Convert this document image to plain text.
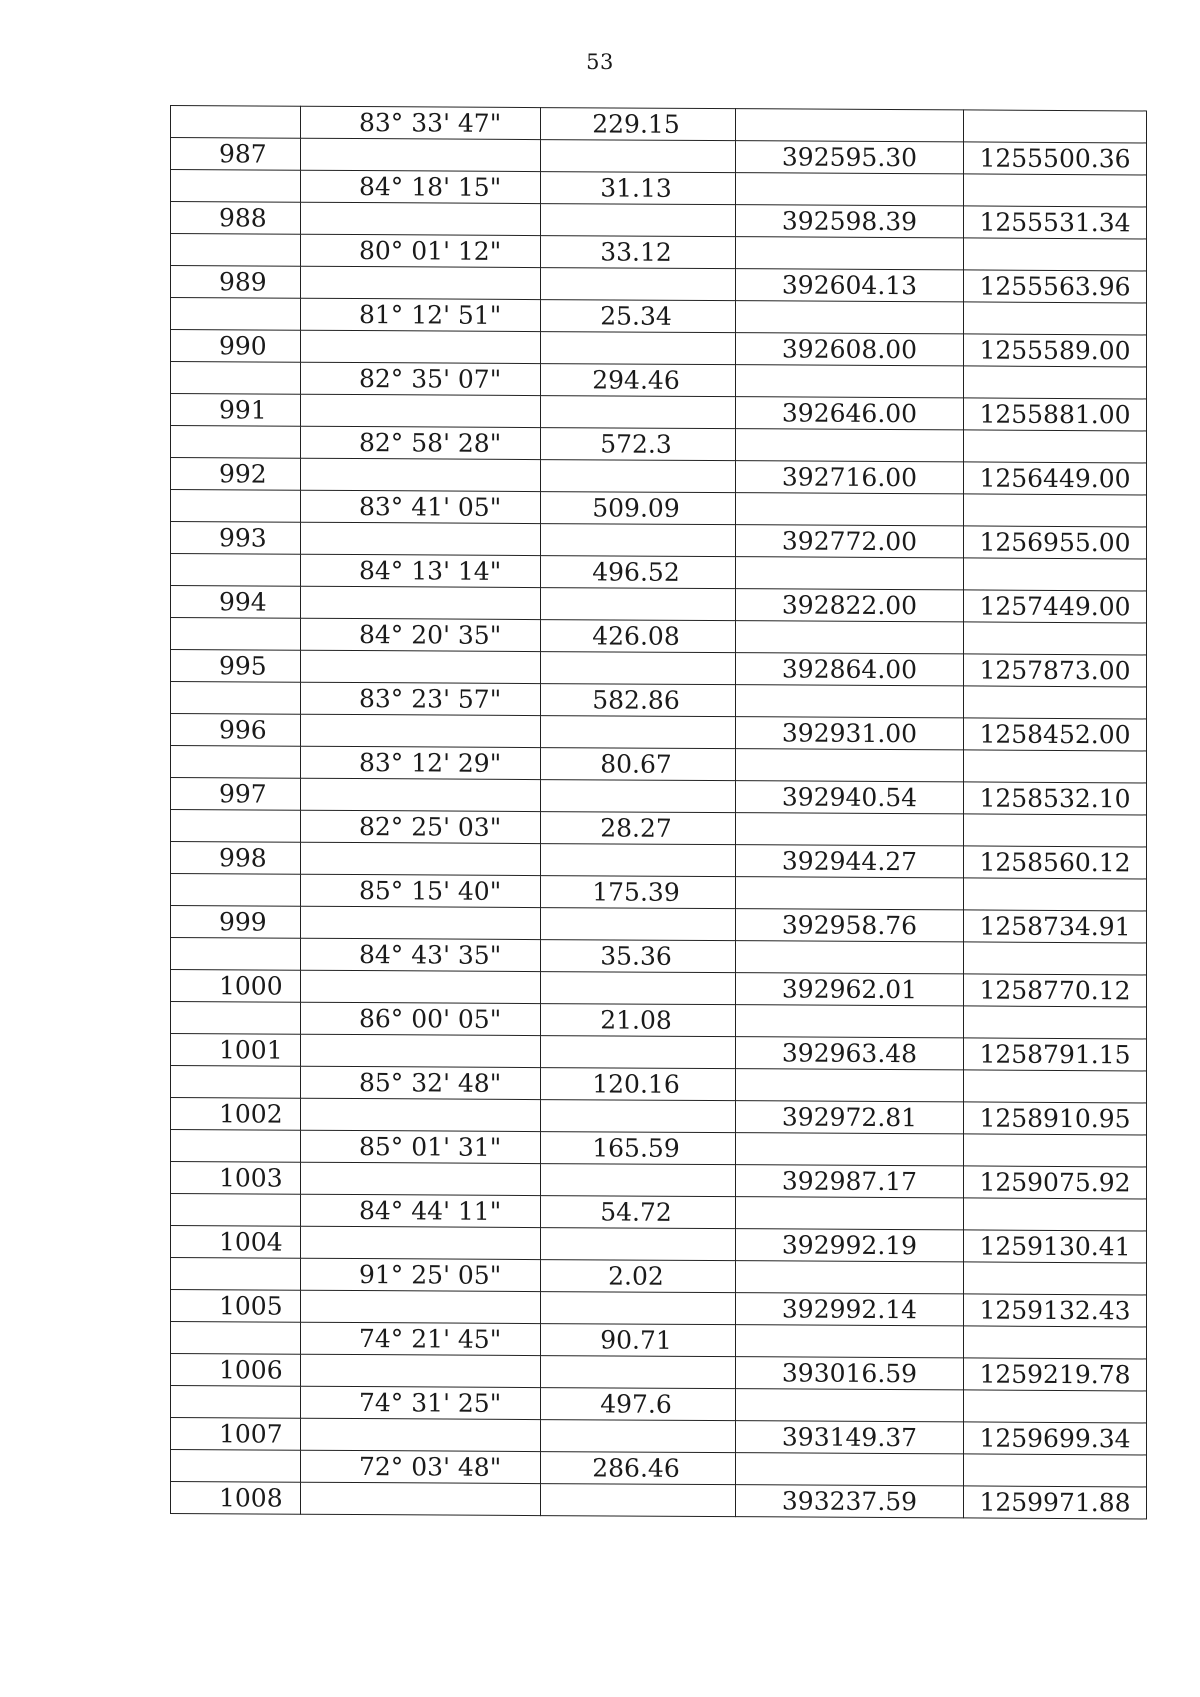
53
	83° 33' 47"	229.15		
987			392595.30	1255500.36
	84° 18' 15"	31.13		
988			392598.39	1255531.34
	80° 01' 12"	33.12		
989			392604.13	1255563.96
	81° 12' 51"	25.34		
990			392608.00	1255589.00
	82° 35' 07"	294.46		
991			392646.00	1255881.00
	82° 58' 28"	572.3		
992			392716.00	1256449.00
	83° 41' 05"	509.09		
993			392772.00	1256955.00
	84° 13' 14"	496.52		
994			392822.00	1257449.00
	84° 20' 35"	426.08		
995			392864.00	1257873.00
	83° 23' 57"	582.86		
996			392931.00	1258452.00
	83° 12' 29"	80.67		
997			392940.54	1258532.10
	82° 25' 03"	28.27		
998			392944.27	1258560.12
	85° 15' 40"	175.39		
999			392958.76	1258734.91
	84° 43' 35"	35.36		
1000			392962.01	1258770.12
	86° 00' 05"	21.08		
1001			392963.48	1258791.15
	85° 32' 48"	120.16		
1002			392972.81	1258910.95
	85° 01' 31"	165.59		
1003			392987.17	1259075.92
	84° 44' 11"	54.72		
1004			392992.19	1259130.41
	91° 25' 05"	2.02		
1005			392992.14	1259132.43
	74° 21' 45"	90.71		
1006			393016.59	1259219.78
	74° 31' 25"	497.6		
1007			393149.37	1259699.34
	72° 03' 48"	286.46		
1008			393237.59	1259971.88
